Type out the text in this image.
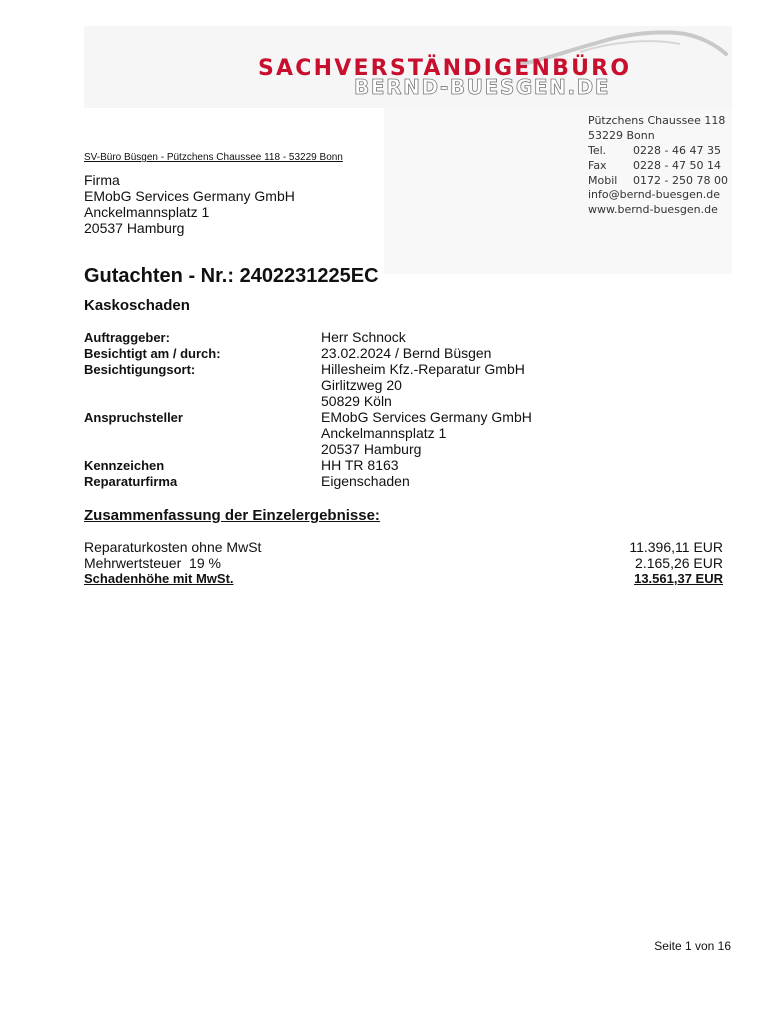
SACHVERSTÄNDIGENBÜRO
BERND-BUESGEN.DE
Pützchens Chaussee 118
53229 Bonn
Tel. 0228 - 46 47 35
Fax 0228 - 47 50 14
Mobil 0172 - 250 78 00
info@bernd-buesgen.de
www.bernd-buesgen.de
SV-Büro Büsgen - Pützchens Chaussee 118 - 53229 Bonn
Firma
EMobG Services Germany GmbH
Anckelmannsplatz 1
20537 Hamburg
Gutachten - Nr.: 2402231225EC
Kaskoschaden
Auftraggeber:	Herr Schnock
Besichtigt am / durch:	23.02.2024 / Bernd Büsgen
Besichtigungsort:	Hillesheim Kfz.-Reparatur GmbH
Girlitzweg 20
50829 Köln
Anspruchsteller	EMobG Services Germany GmbH
Anckelmannsplatz 1
20537 Hamburg
Kennzeichen	HH TR 8163
Reparaturfirma	Eigenschaden
Zusammenfassung der Einzelergebnisse:
Reparaturkosten ohne MwSt	11.396,11 EUR
Mehrwertsteuer  19 %	2.165,26 EUR
Schadenhöhe mit MwSt.	13.561,37 EUR
Seite 1 von 16
